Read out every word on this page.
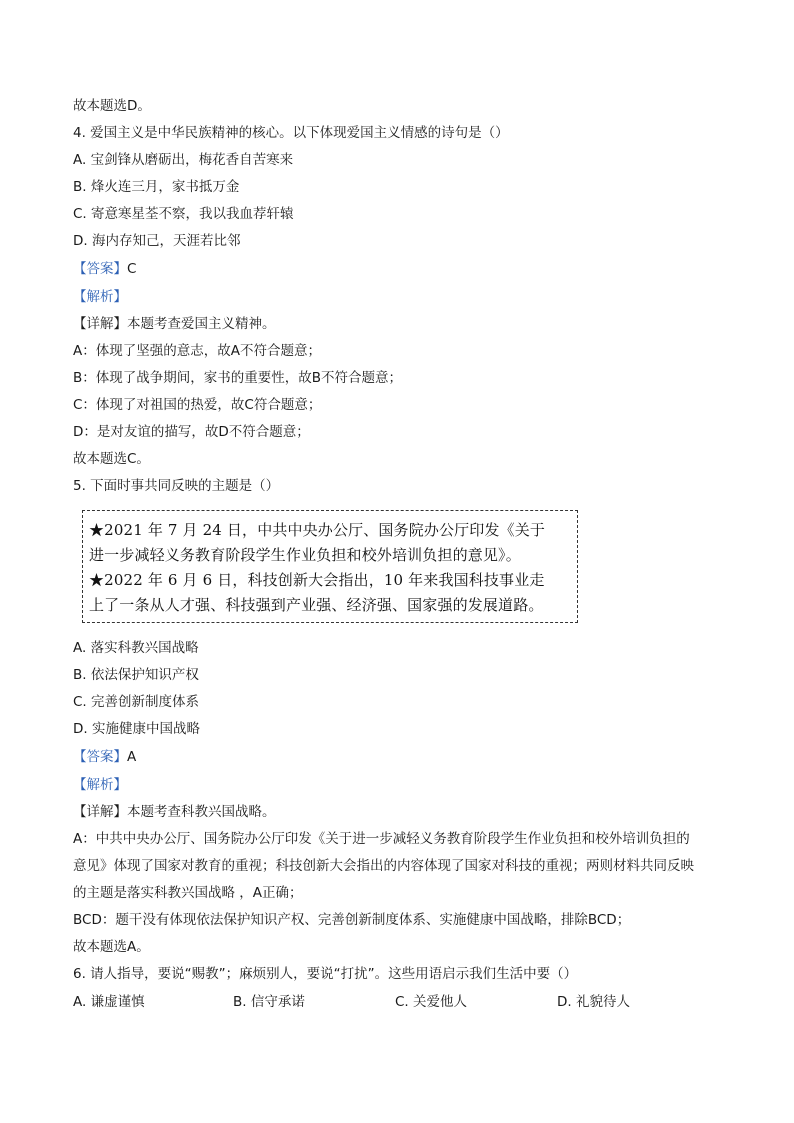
故本题选D。
4. 爱国主义是中华民族精神的核心。以下体现爱国主义情感的诗句是（）
A. 宝剑锋从磨砺出，梅花香自苦寒来
B. 烽火连三月，家书抵万金
C. 寄意寒星荃不察，我以我血荐轩辕
D. 海内存知己，天涯若比邻
【答案】C
【解析】
【详解】本题考查爱国主义精神。
A：体现了坚强的意志，故A不符合题意；
B：体现了战争期间，家书的重要性，故B不符合题意；
C：体现了对祖国的热爱，故C符合题意；
D：是对友谊的描写，故D不符合题意；
故本题选C。
5. 下面时事共同反映的主题是（）
★2021 年 7 月 24 日，中共中央办公厅、国务院办公厅印发《关于
进一步减轻义务教育阶段学生作业负担和校外培训负担的意见》。
★2022 年 6 月 6 日，科技创新大会指出，10 年来我国科技事业走
上了一条从人才强、科技强到产业强、经济强、国家强的发展道路。
A. 落实科教兴国战略
B. 依法保护知识产权
C. 完善创新制度体系
D. 实施健康中国战略
【答案】A
【解析】
【详解】本题考查科教兴国战略。
A：中共中央办公厅、国务院办公厅印发《关于进一步减轻义务教育阶段学生作业负担和校外培训负担的
意见》体现了国家对教育的重视；科技创新大会指出的内容体现了国家对科技的重视；两则材料共同反映
的主题是落实科教兴国战略 ，A正确；
BCD：题干没有体现依法保护知识产权、完善创新制度体系、实施健康中国战略，排除BCD；
故本题选A。
6. 请人指导，要说“赐教”；麻烦别人，要说“打扰”。这些用语启示我们生活中要（）
A. 谦虚谨慎	B. 信守承诺	C. 关爱他人	D. 礼貌待人
